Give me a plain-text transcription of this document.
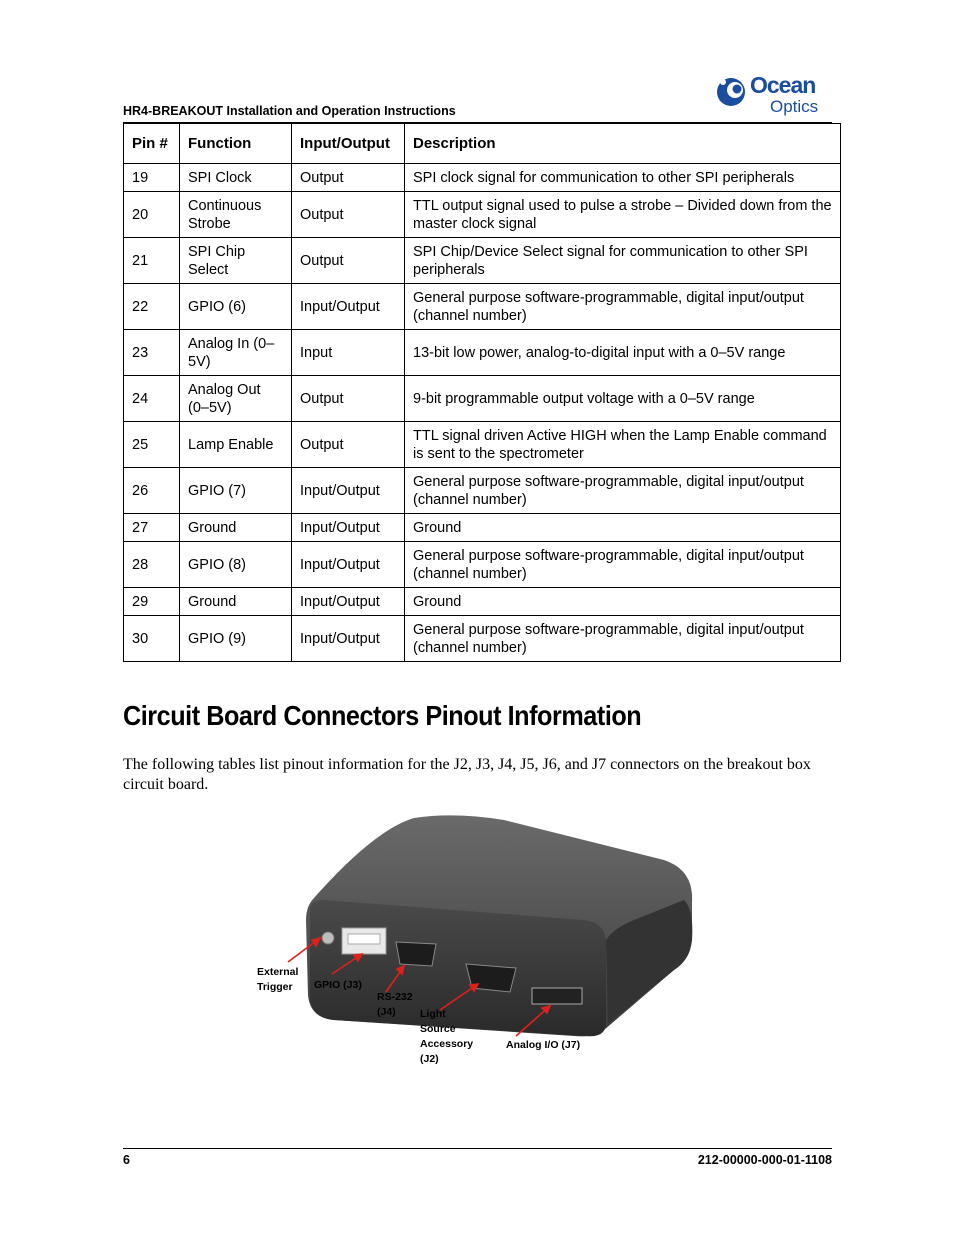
HR4-BREAKOUT Installation and Operation Instructions
Ocean
Optics
Pin #	Function	Input/Output	Description
19	SPI Clock	Output	SPI clock signal for communication to other SPI peripherals
20	Continuous Strobe	Output	TTL output signal used to pulse a strobe – Divided down from the master clock signal
21	SPI Chip Select	Output	SPI Chip/Device Select signal for communication to other SPI peripherals
22	GPIO (6)	Input/Output	General purpose software-programmable, digital input/output (channel number)
23	Analog In (0–5V)	Input	13-bit low power, analog-to-digital input with a 0–5V range
24	Analog Out (0–5V)	Output	9-bit programmable output voltage with a 0–5V range
25	Lamp Enable	Output	TTL signal driven Active HIGH when the Lamp Enable command is sent to the spectrometer
26	GPIO (7)	Input/Output	General purpose software-programmable, digital input/output (channel number)
27	Ground	Input/Output	Ground
28	GPIO (8)	Input/Output	General purpose software-programmable, digital input/output (channel number)
29	Ground	Input/Output	Ground
30	GPIO (9)	Input/Output	General purpose software-programmable, digital input/output (channel number)
Circuit Board Connectors Pinout Information
The following tables list pinout information for the J2, J3, J4, J5, J6, and J7 connectors on the breakout box circuit board.
External
Trigger GPIO (J3)
RS-232
(J4) Light
Source
Accessory
(J2)
Analog I/O (J7)
6	212-00000-000-01-1108
